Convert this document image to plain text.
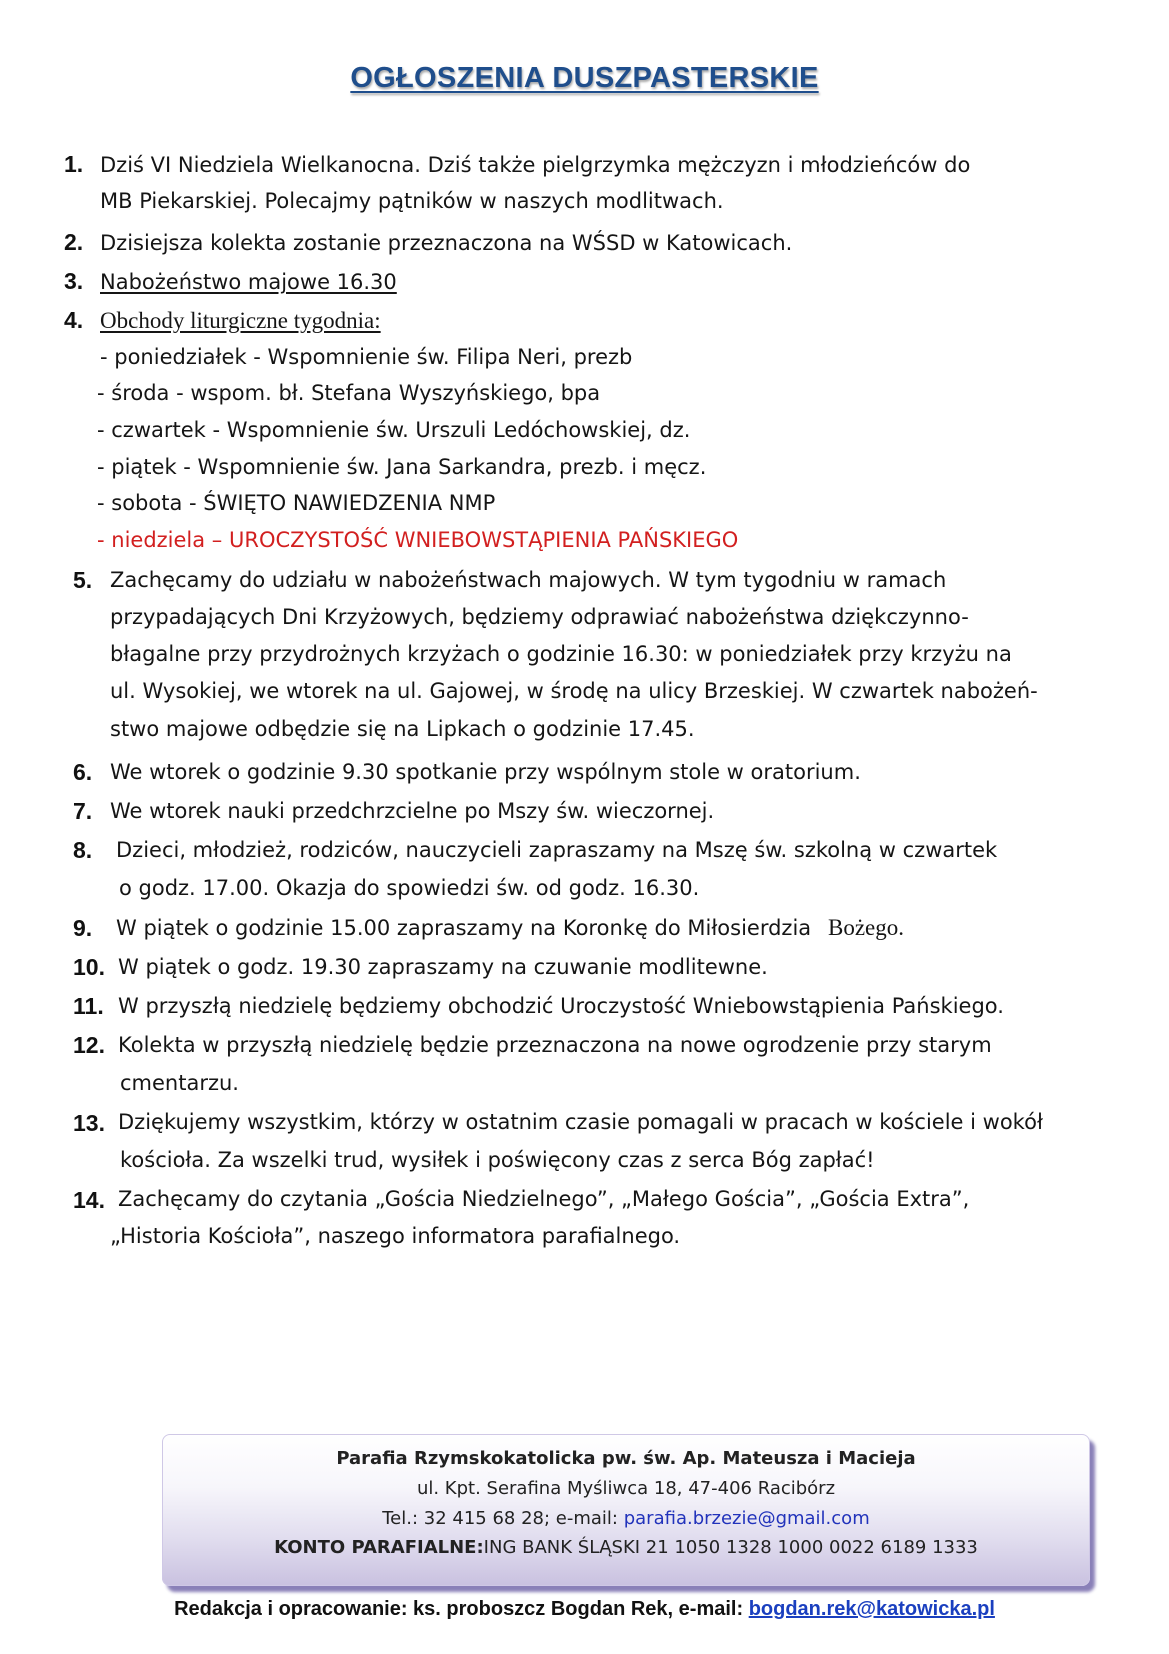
OGŁOSZENIA DUSZPASTERSKIE
1. Dziś VI Niedziela Wielkanocna. Dziś także pielgrzymka mężczyzn i młodzieńców do
MB Piekarskiej. Polecajmy pątników w naszych modlitwach.
2. Dzisiejsza kolekta zostanie przeznaczona na WŚSD w Katowicach.
3. Nabożeństwo majowe 16.30
4. Obchody liturgiczne tygodnia:
- poniedziałek - Wspomnienie św. Filipa Neri, prezb
- środa - wspom. bł. Stefana Wyszyńskiego, bpa
- czwartek - Wspomnienie św. Urszuli Ledóchowskiej, dz.
- piątek - Wspomnienie św. Jana Sarkandra, prezb. i męcz.
- sobota - ŚWIĘTO NAWIEDZENIA NMP
- niedziela – UROCZYSTOŚĆ WNIEBOWSTĄPIENIA PAŃSKIEGO
5. Zachęcamy do udziału w nabożeństwach majowych. W tym tygodniu w ramach
przypadających Dni Krzyżowych, będziemy odprawiać nabożeństwa dziękczynno-
błagalne przy przydrożnych krzyżach o godzinie 16.30: w poniedziałek przy krzyżu na
ul. Wysokiej, we wtorek na ul. Gajowej, w środę na ulicy Brzeskiej. W czwartek nabożeń-
stwo majowe odbędzie się na Lipkach o godzinie 17.45.
6. We wtorek o godzinie 9.30 spotkanie przy wspólnym stole w oratorium.
7. We wtorek nauki przedchrzcielne po Mszy św. wieczornej.
8. Dzieci, młodzież, rodziców, nauczycieli zapraszamy na Mszę św. szkolną w czwartek
o godz. 17.00. Okazja do spowiedzi św. od godz. 16.30.
9. W piątek o godzinie 15.00 zapraszamy na Koronkę do Miłosierdzia Bożego.
10. W piątek o godz. 19.30 zapraszamy na czuwanie modlitewne.
11. W przyszłą niedzielę będziemy obchodzić Uroczystość Wniebowstąpienia Pańskiego.
12. Kolekta w przyszłą niedzielę będzie przeznaczona na nowe ogrodzenie przy starym
cmentarzu.
13. Dziękujemy wszystkim, którzy w ostatnim czasie pomagali w pracach w kościele i wokół
kościoła. Za wszelki trud, wysiłek i poświęcony czas z serca Bóg zapłać!
14. Zachęcamy do czytania „Gościa Niedzielnego”, „Małego Gościa”, „Gościa Extra”,
„Historia Kościoła”, naszego informatora parafialnego.
Parafia Rzymskokatolicka pw. św. Ap. Mateusza i Macieja
ul. Kpt. Serafina Myśliwca 18, 47-406 Racibórz
Tel.: 32 415 68 28; e-mail: parafia.brzezie@gmail.com
KONTO PARAFIALNE:ING BANK ŚLĄSKI 21 1050 1328 1000 0022 6189 1333
Redakcja i opracowanie: ks. proboszcz Bogdan Rek, e-mail: bogdan.rek@katowicka.pl
